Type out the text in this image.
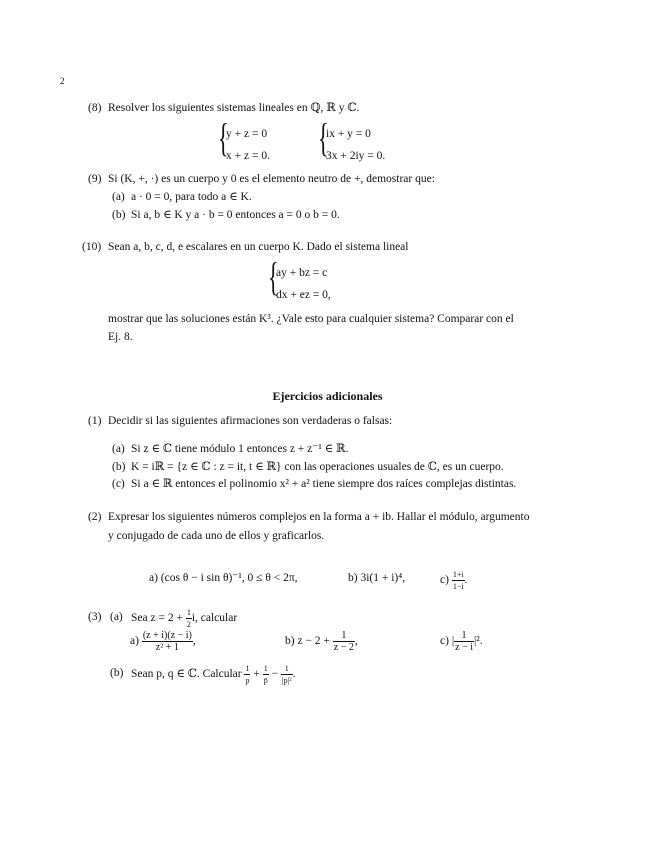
2
(8) Resolver los siguientes sistemas lineales en ℚ, ℝ y ℂ.
{
y + z = 0
x + z = 0. {
ix + y = 0
3x + 2iy = 0.
(9) Si (K, +, ·) es un cuerpo y 0 es el elemento neutro de +, demostrar que:
(a) a · 0 = 0, para todo a ∈ K.
(b) Si a, b ∈ K y a · b = 0 entonces a = 0 o b = 0.
(10) Sean a, b, c, d, e escalares en un cuerpo K. Dado el sistema lineal
{
ay + bz = c
dx + ez = 0,
mostrar que las soluciones están K³. ¿Vale esto para cualquier sistema? Comparar con el
Ej. 8.
Ejercicios adicionales
(1) Decidir si las siguientes afirmaciones son verdaderas o falsas:
(a) Si z ∈ ℂ tiene módulo 1 entonces z + z⁻¹ ∈ ℝ.
(b) K = iℝ = {z ∈ ℂ : z = it, t ∈ ℝ} con las operaciones usuales de ℂ, es un cuerpo.
(c) Si a ∈ ℝ entonces el polinomio x² + a² tiene siempre dos raíces complejas distintas.
(2) Expresar los siguientes números complejos en la forma a + ib. Hallar el módulo, argumento
y conjugado de cada uno de ellos y graficarlos.
a) (cos θ − i sin θ)⁻¹, 0 ≤ θ < 2π,	b) 3i(1 + i)⁴,	$c) \frac{1+i}{1-i}$ .
(3) (a) Sea $z = 2 + \frac{1}{2} i$, calcular
$a) \frac{(z + i)(z - i)}{\text{z² + 1}}$ ,	b) $z - 2 + \frac{1}{z - 2}$ ,	c) | $\frac{1}{z - i} |^2$.
(b) Sean p, q ∈ ℂ. Calcular $\frac{1}{p} + \frac{1}{p̄} - \frac{1}{\text{|p|²}}$ .
